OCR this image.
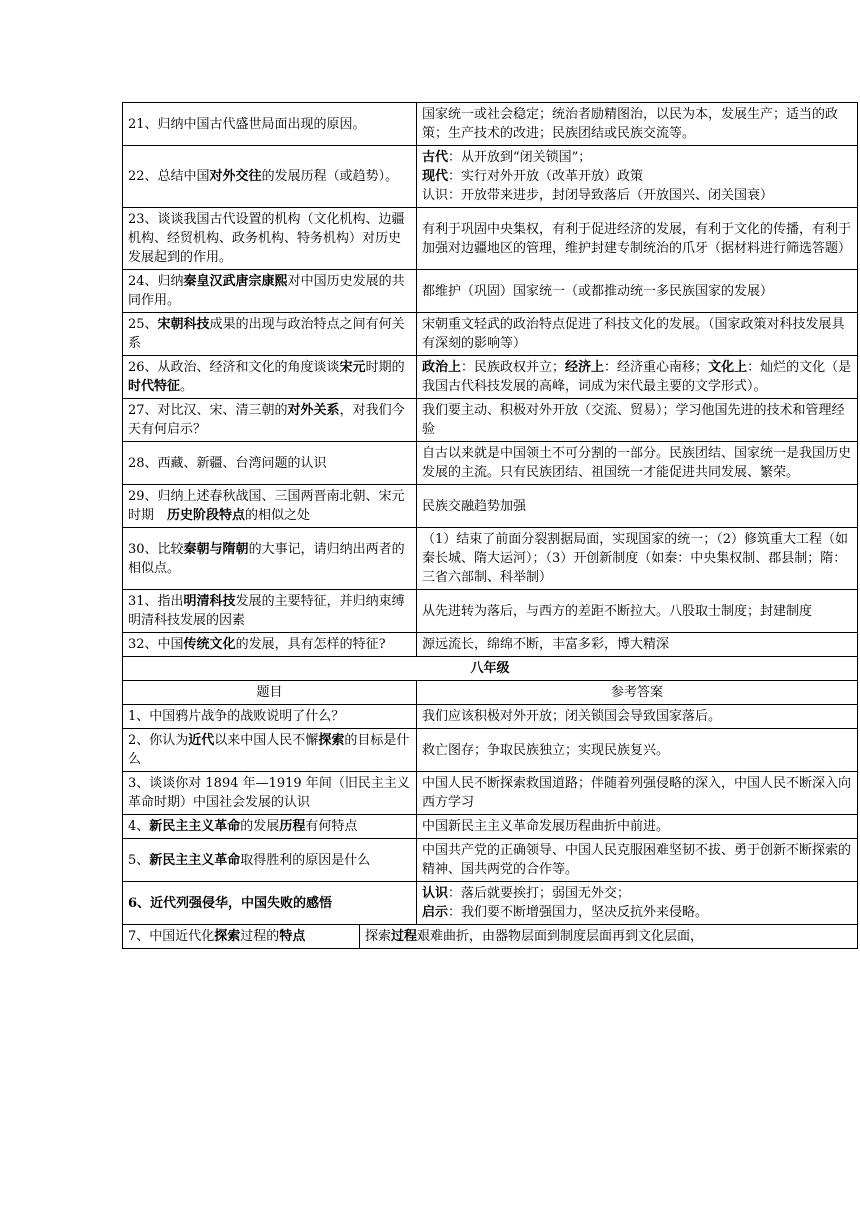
21、归纳中国古代盛世局面出现的原因。	国家统一或社会稳定；统治者励精图治，以民为本，发展生产；适当的政策；生产技术的改进；民族团结或民族交流等。

22、总结中国对外交往的发展历程（或趋势）。	古代：从开放到“闭关锁国”；
现代：实行对外开放（改革开放）政策
认识：开放带来进步，封闭导致落后（开放国兴、闭关国衰）

23、谈谈我国古代设置的机构（文化机构、边疆机构、经贸机构、政务机构、特务机构）对历史发展起到的作用。	有利于巩固中央集权，有利于促进经济的发展，有利于文化的传播，有利于加强对边疆地区的管理，维护封建专制统治的爪牙（据材料进行筛选答题）

24、归纳秦皇汉武唐宗康熙对中国历史发展的共同作用。	都维护（巩固）国家统一（或都推动统一多民族国家的发展）

25、宋朝科技成果的出现与政治特点之间有何关系	宋朝重文轻武的政治特点促进了科技文化的发展。（国家政策对科技发展具有深刻的影响等）

26、从政治、经济和文化的角度谈谈宋元时期的时代特征。	政治上：民族政权并立；经济上：经济重心南移；文化上：灿烂的文化（是我国古代科技发展的高峰，词成为宋代最主要的文学形式）。

27、对比汉、宋、清三朝的对外关系，对我们今天有何启示？	我们要主动、积极对外开放（交流、贸易）；学习他国先进的技术和管理经验

28、西藏、新疆、台湾问题的认识	自古以来就是中国领土不可分割的一部分。民族团结、国家统一是我国历史发展的主流。只有民族团结、祖国统一才能促进共同发展、繁荣。

29、归纳上述春秋战国、三国两晋南北朝、宋元时期　历史阶段特点的相似之处	民族交融趋势加强

30、比较秦朝与隋朝的大事记，请归纳出两者的相似点。	（1）结束了前面分裂割据局面，实现国家的统一；（2）修筑重大工程（如秦长城、隋大运河）；（3）开创新制度（如秦：中央集权制、郡县制；隋：三省六部制、科举制）

31、指出明清科技发展的主要特征，并归纳束缚明清科技发展的因素	从先进转为落后，与西方的差距不断拉大。八股取士制度；封建制度

32、中国传统文化的发展，具有怎样的特征?	源远流长，绵绵不断，丰富多彩，博大精深

八年级	
题目	参考答案
1、中国鸦片战争的战败说明了什么？	我们应该积极对外开放；闭关锁国会导致国家落后。

2、你认为近代以来中国人民不懈探索的目标是什么	救亡图存；争取民族独立；实现民族复兴。

3、谈谈你对 1894 年—1919 年间（旧民主主义革命时期）中国社会发展的认识	中国人民不断探索救国道路；伴随着列强侵略的深入，中国人民不断深入向西方学习

4、新民主主义革命的发展历程有何特点	中国新民主主义革命发展历程曲折中前进。

5、新民主主义革命取得胜利的原因是什么	中国共产党的正确领导、中国人民克服困难坚韧不拔、勇于创新不断探索的精神、国共两党的合作等。

6、近代列强侵华，中国失败的感悟	认识：落后就要挨打；弱国无外交；
启示：我们要不断增强国力，坚决反抗外来侵略。
7、中国近代化探索过程的特点	探索过程艰难曲折，由器物层面到制度层面再到文化层面，
